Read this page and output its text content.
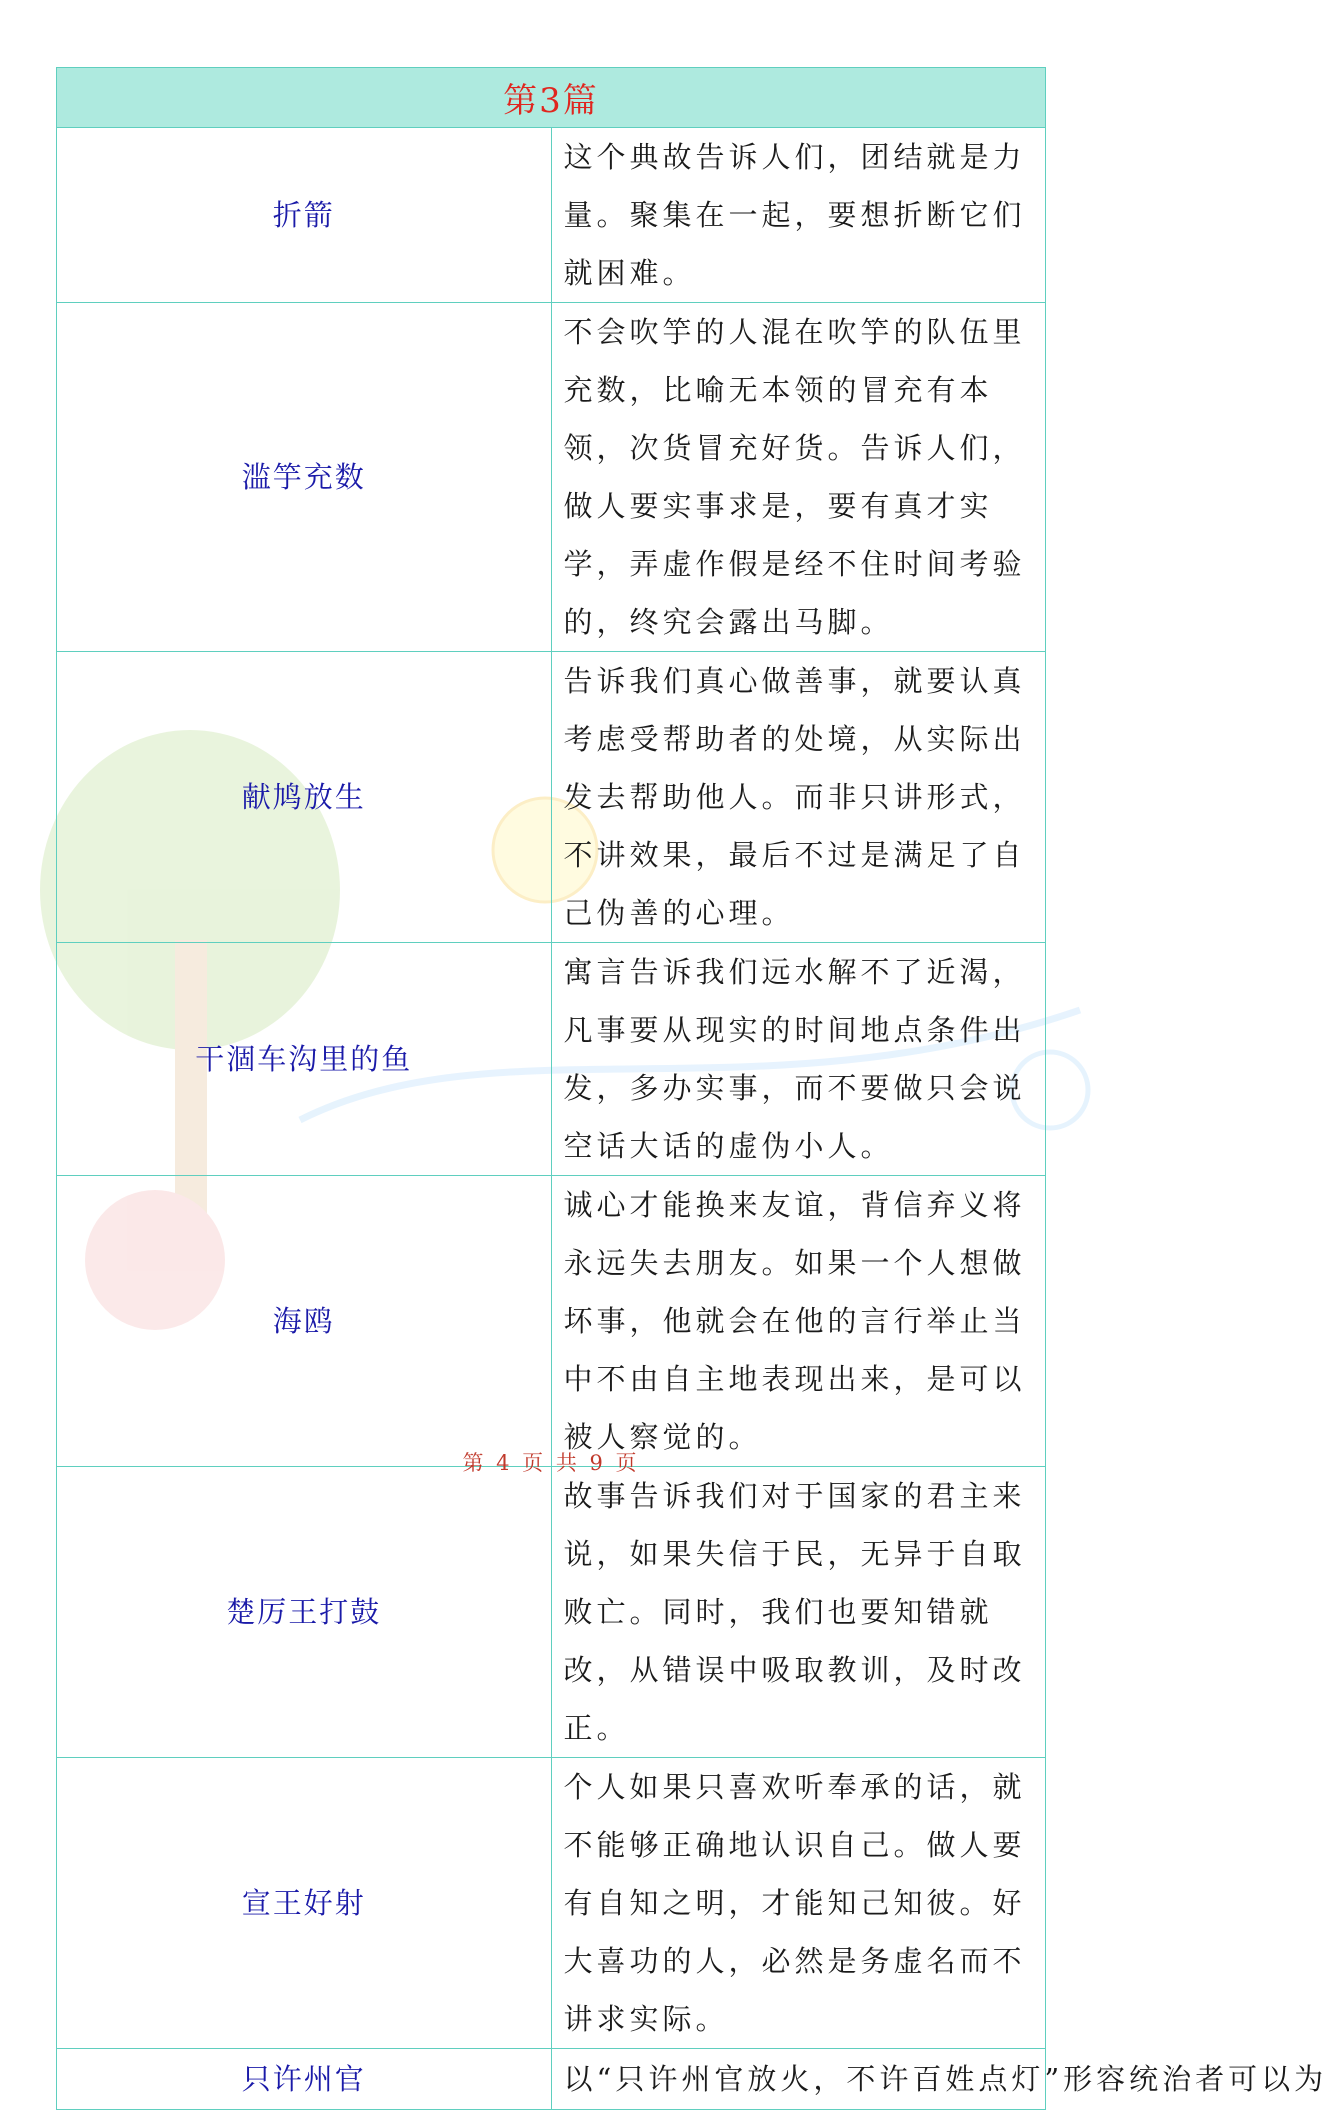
第3篇	
折箭	这个典故告诉人们，团结就是力量。聚集在一起，要想折断它们就困难。
滥竽充数	不会吹竽的人混在吹竽的队伍里充数，比喻无本领的冒充有本领，次货冒充好货。告诉人们，做人要实事求是，要有真才实学，弄虚作假是经不住时间考验的，终究会露出马脚。
献鸠放生	告诉我们真心做善事，就要认真考虑受帮助者的处境，从实际出发去帮助他人。而非只讲形式，不讲效果，最后不过是满足了自己伪善的心理。
干涸车沟里的鱼	寓言告诉我们远水解不了近渴，凡事要从现实的时间地点条件出发，多办实事，而不要做只会说空话大话的虚伪小人。
海鸥	诚心才能换来友谊，背信弃义将永远失去朋友。如果一个人想做坏事，他就会在他的言行举止当中不由自主地表现出来，是可以被人察觉的。
楚厉王打鼓	故事告诉我们对于国家的君主来说，如果失信于民，无异于自取败亡。同时，我们也要知错就改，从错误中吸取教训，及时改正。
宣王好射	个人如果只喜欢听奉承的话，就不能够正确地认识自己。做人要有自知之明，才能知己知彼。好大喜功的人，必然是务虚名而不讲求实际。
只许州官	以“只许州官放火，不许百姓点灯”形容统治者可以为
第 4 页 共 9 页
